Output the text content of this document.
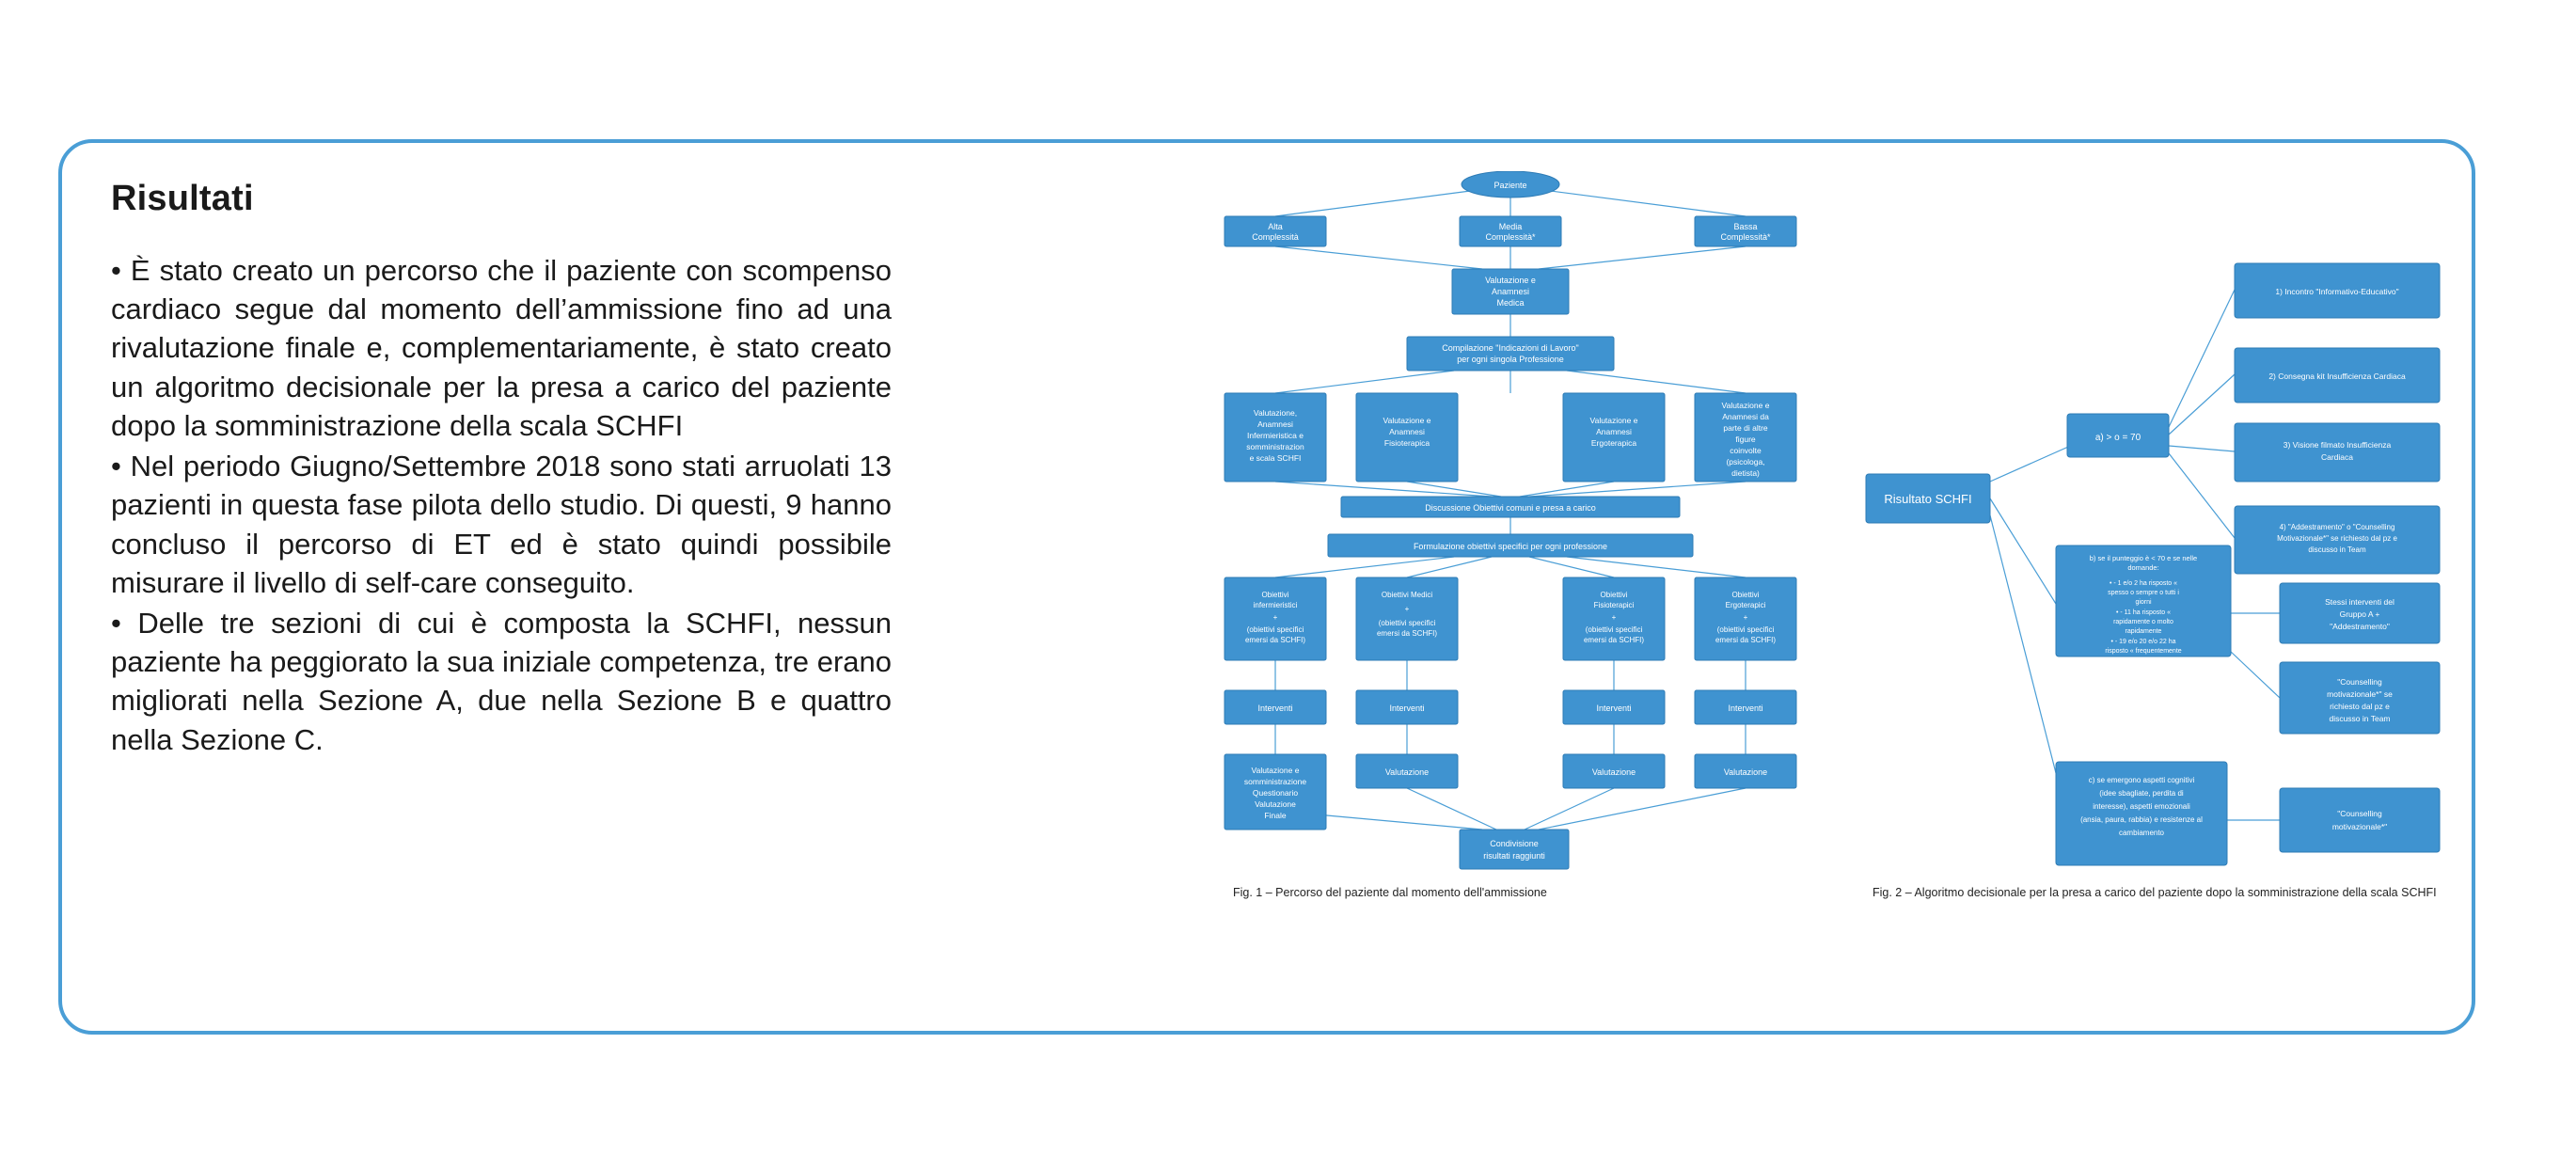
Risultati

• È stato creato un percorso che il paziente con scompenso cardiaco segue dal momento dell’ammissione fino ad una rivalutazione finale e, complementariamente, è stato creato un algoritmo decisionale per la presa a carico del paziente dopo la somministrazione della scala SCHFI

• Nel periodo Giugno/Settembre 2018 sono stati arruolati 13 pazienti in questa fase pilota dello studio. Di questi, 9 hanno concluso il percorso di ET ed è stato quindi possibile misurare il livello di self-care conseguito.

• Delle tre sezioni di cui è composta la SCHFI, nessun paziente ha peggiorato la sua iniziale competenza, tre erano migliorati nella Sezione A, due nella Sezione B e quattro nella Sezione C.

Paziente
Alta
Complessità
Media
Complessità*
Bassa
Complessità*
Valutazione e
Anamnesi
Medica
Compilazione "Indicazioni di Lavoro"
per ogni singola Professione
Valutazione,
Anamnesi
Infermieristica e
somministrazion
e scala SCHFI
Valutazione e
Anamnesi
Fisioterapica
Valutazione e
Anamnesi
Ergoterapica
Valutazione e
Anamnesi da
parte di altre
figure
coinvolte
(psicologa,
dietista)
Discussione Obiettivi comuni e presa a carico
Formulazione obiettivi specifici per ogni professione
Obiettivi
infermieristici
+
(obiettivi specifici
emersi da SCHFI)
Obiettivi Medici
+
(obiettivi specifici
emersi da SCHFI)
Obiettivi
Fisioterapici
+
(obiettivi specifici
emersi da SCHFI)
Obiettivi
Ergoterapici
+
(obiettivi specifici
emersi da SCHFI)
Interventi	Interventi	Interventi	Interventi
Valutazione e
somministrazione
Questionario
Valutazione
Finale
Valutazione	Valutazione	Valutazione
Condivisione
risultati raggiunti
Fig. 1 – Percorso del paziente dal momento dell'ammissione
Risultato SCHFI
a) > o = 70
b) se il punteggio è < 70 e se nelle
domande:
• - 1 e/o 2 ha risposto «
spesso o sempre o tutti i
giorni
• - 11 ha risposto «
rapidamente o molto
rapidamente
• - 19 e/o 20 e/o 22 ha
risposto « frequentemente
c) se emergono aspetti cognitivi
(idee sbagliate, perdita di
interesse), aspetti emozionali
(ansia, paura, rabbia) e resistenze al
cambiamento
1) Incontro "Informativo-Educativo"
2) Consegna kit Insufficienza Cardiaca
3) Visione filmato Insufficienza
Cardiaca
4) "Addestramento" o "Counselling
Motivazionale*" se richiesto dal pz e
discusso in Team
Stessi interventi del
Gruppo A +
"Addestramento"
"Counselling
motivazionale*" se
richiesto dal pz e
discusso in Team
"Counselling
motivazionale*"
Fig. 2 – Algoritmo decisionale per la presa a carico del paziente dopo la somministrazione della scala SCHFI
